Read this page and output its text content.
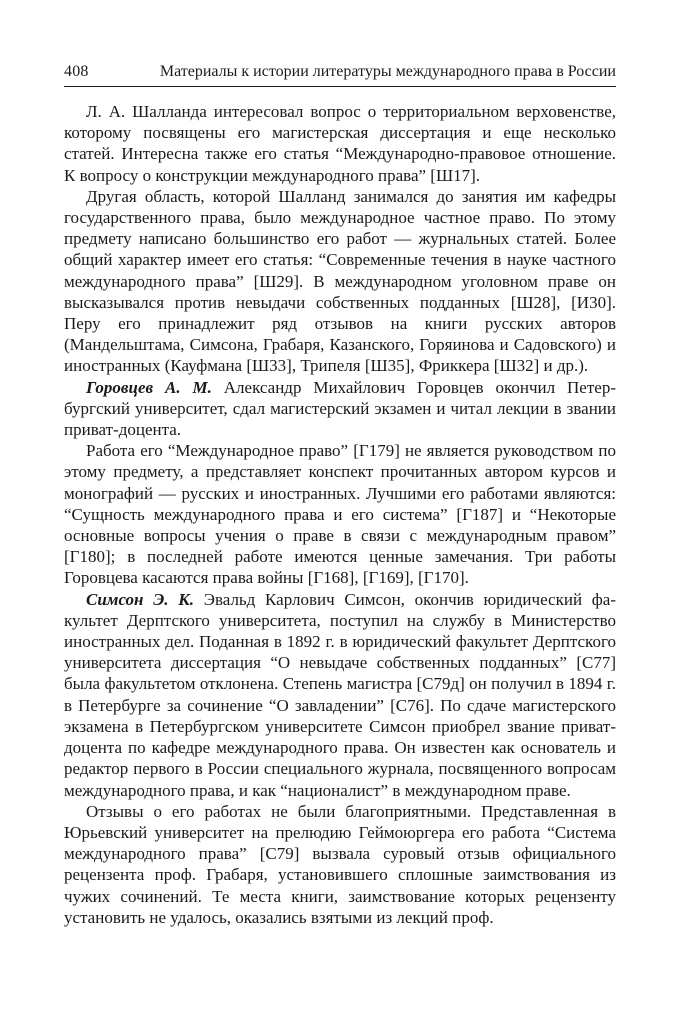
408	Материалы к истории литературы международного права в России

Л. А. Шалланда интересовал вопрос о территориальном верховенстве, которому посвящены его магистерская диссертация и еще несколько статей. Интересна также его статья “Международно-правовое отношение. К вопросу о конструкции международного права” [Ш17].

Другая область, которой Шалланд занимался до занятия им кафедры государственного права, было международное частное право. По этому предмету написано большинство его работ — журнальных статей. Более общий характер имеет его статья: “Современные течения в науке частного международного права” [Ш29]. В международном уголовном праве он высказывался против невыдачи собственных подданных [Ш28], [И30]. Перу его принадлежит ряд отзывов на книги русских авторов (Мандельштама, Симсона, Грабаря, Казанского, Горяинова и Садовского) и иностранных (Кауфмана [Ш33], Трипеля [Ш35], Фриккера [Ш32] и др.).

Горовцев А. М. Александр Михайлович Горовцев окончил Петербургский университет, сдал магистерский экзамен и читал лекции в звании приват-доцента.

Работа его “Международное право” [Г179] не является руководством по этому предмету, а представляет конспект прочитанных автором курсов и монографий — русских и иностранных. Лучшими его работами являются: “Сущность международного права и его система” [Г187] и “Некоторые основные вопросы учения о праве в связи с международным правом” [Г180]; в последней работе имеются ценные замечания. Три работы Горовцева касаются права войны [Г168], [Г169], [Г170].

Симсон Э. К. Эвальд Карлович Симсон, окончив юридический факультет Дерптского университета, поступил на службу в Министерство иностранных дел. Поданная в 1892 г. в юридический факультет Дерптского университета диссертация “О невыдаче собственных подданных” [С77] была факультетом отклонена. Степень магистра [С79д] он получил в 1894 г. в Петербурге за сочинение “О завладении” [С76]. По сдаче магистерского экзамена в Петербургском университете Симсон приобрел звание приват-доцента по кафедре международного права. Он известен как основатель и редактор первого в России специального журнала, посвященного вопросам международного права, и как “националист” в международном праве.

Отзывы о его работах не были благоприятными. Представленная в Юрьевский университет на прелюдию Геймоюргера его работа “Система международного права” [С79] вызвала суровый отзыв официального рецензента проф. Грабаря, установившего сплошные заимствования из чужих сочинений. Те места книги, заимствование которых рецензенту установить не удалось, оказались взятыми из лекций проф.
